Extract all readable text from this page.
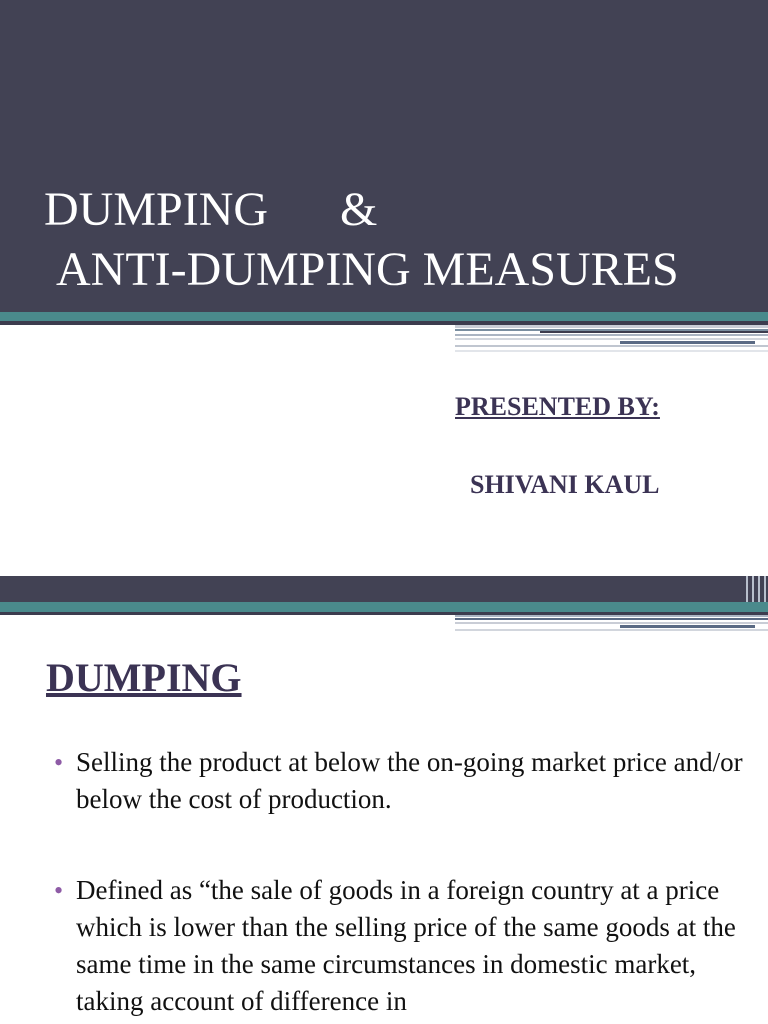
DUMPING      &
ANTI-DUMPING MEASURES
PRESENTED BY:
SHIVANI KAUL
DUMPING
• Selling the product at below the on-going market price and/or below the cost of production.
• Defined as “the sale of goods in a foreign country at a price which is lower than the selling price of the same goods at the same time in the same circumstances in domestic market, taking account of difference in
